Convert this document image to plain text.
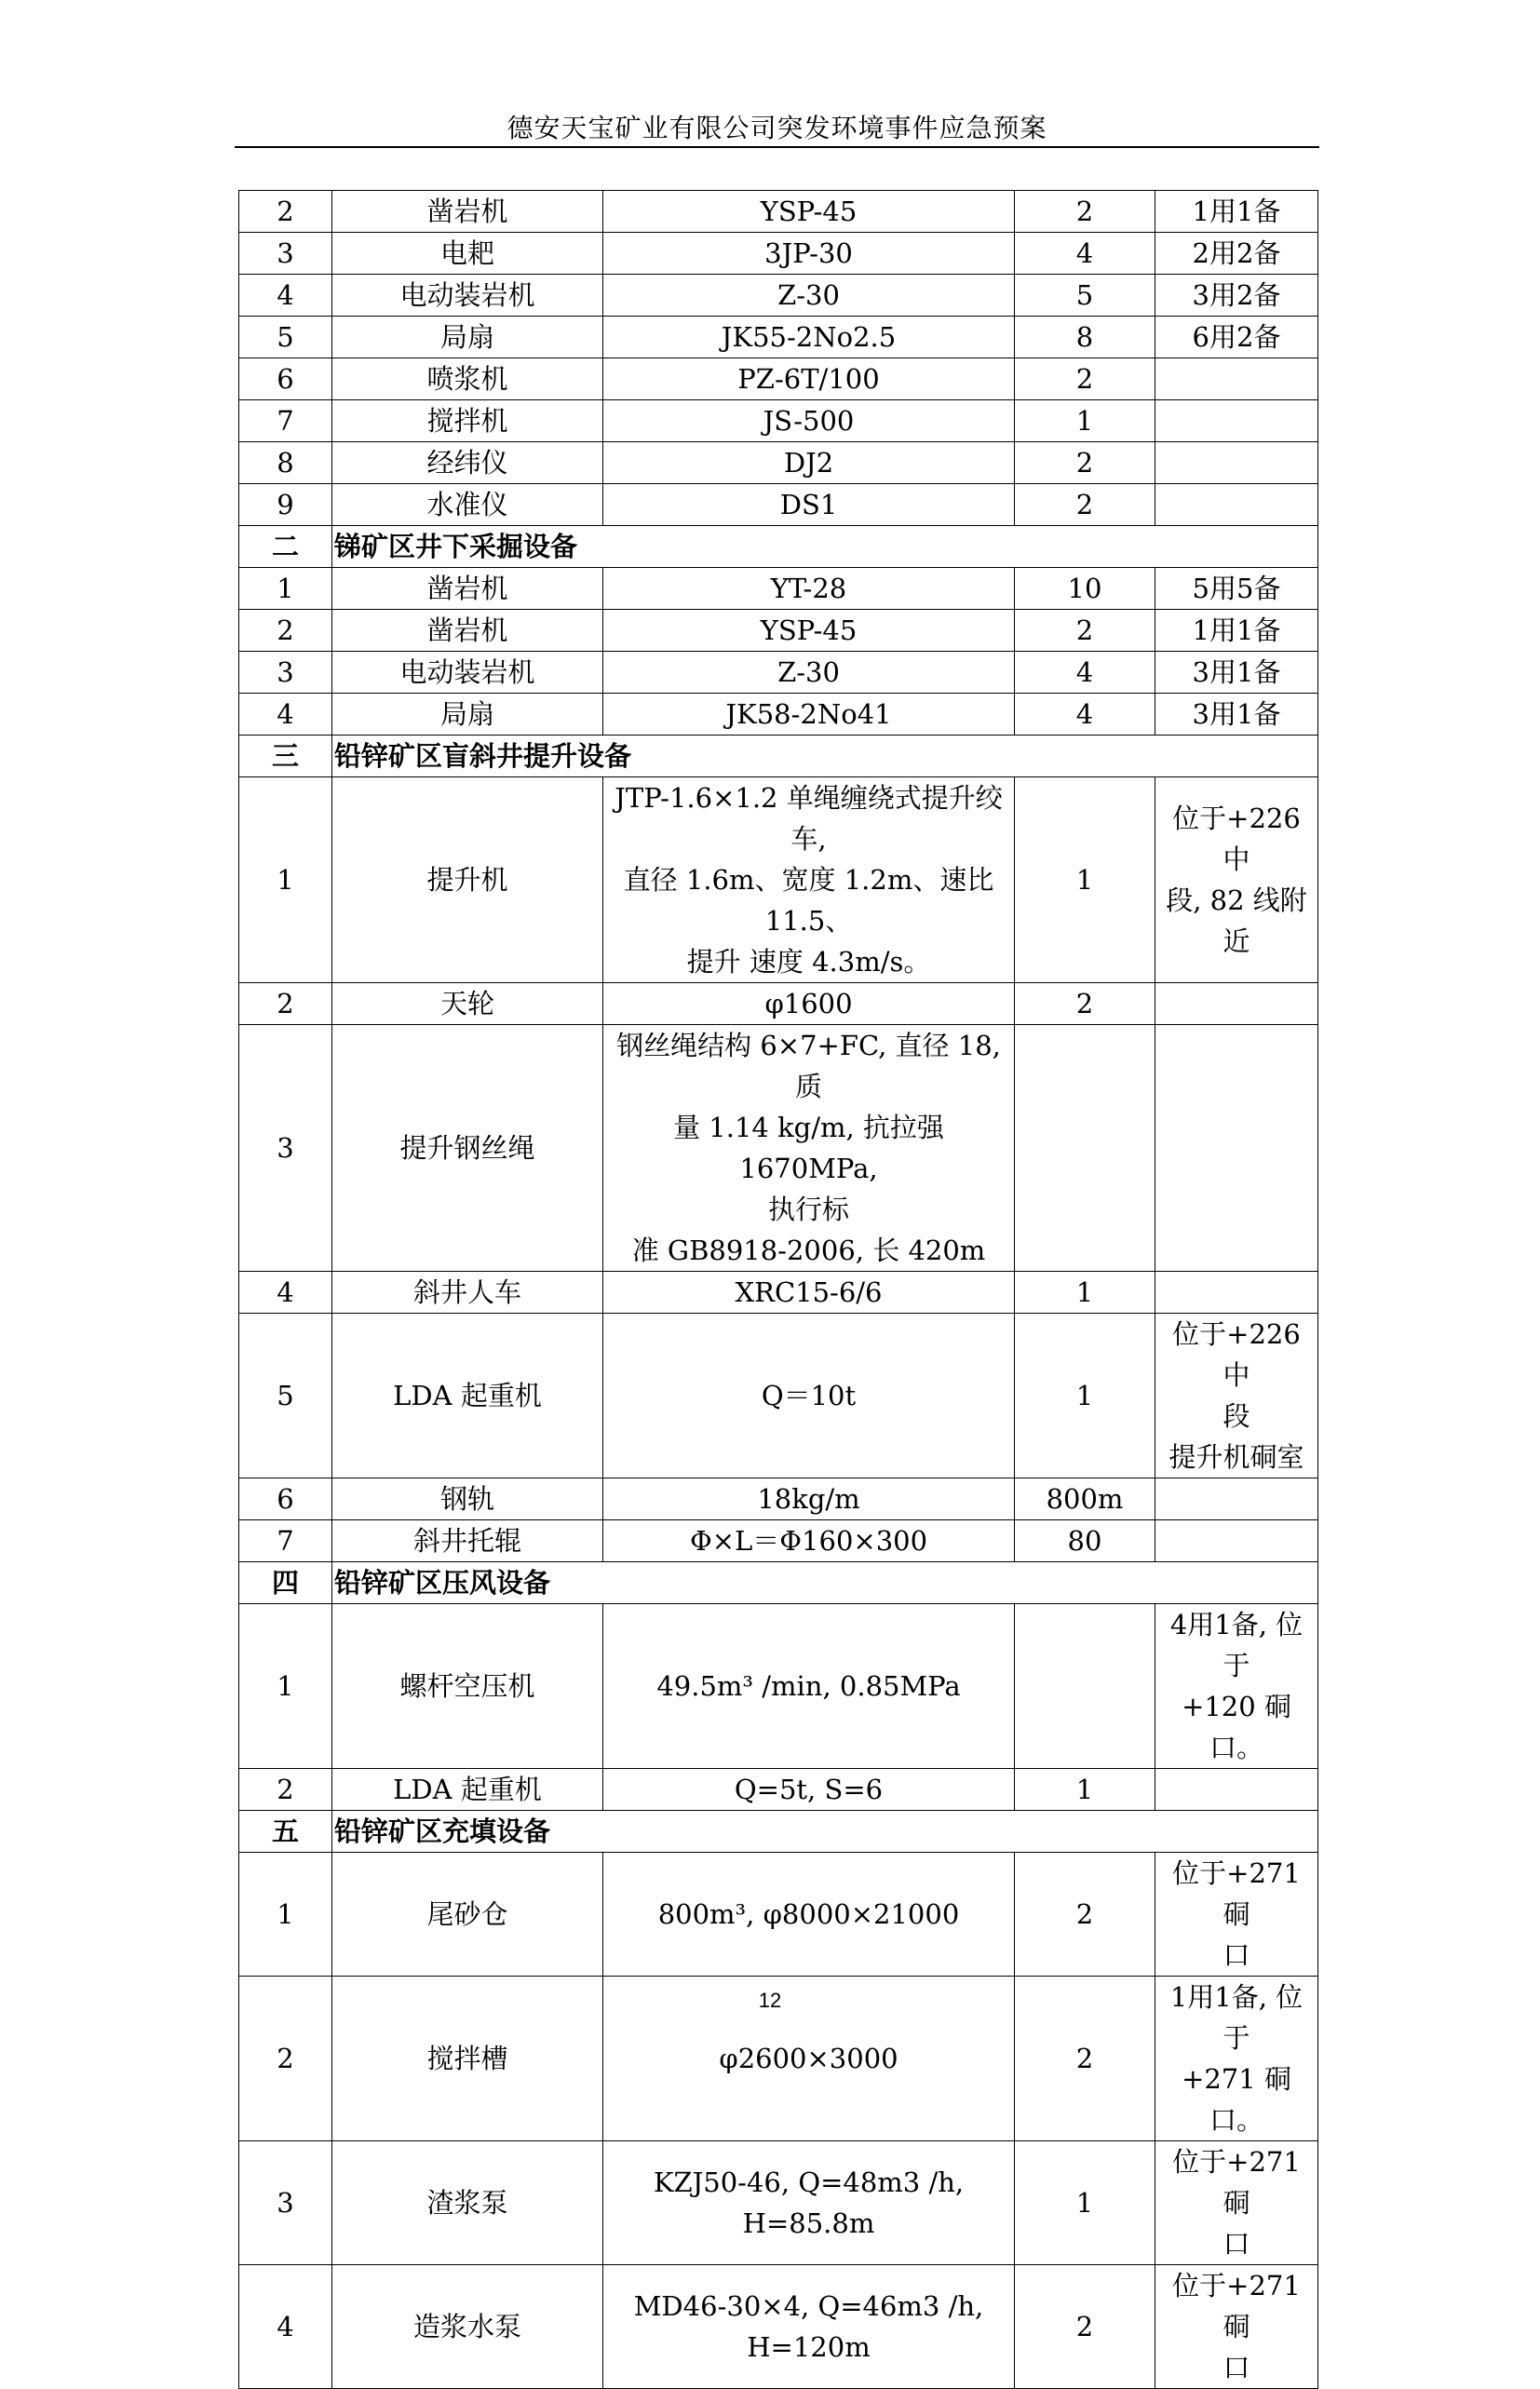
德安天宝矿业有限公司突发环境事件应急预案
2	凿岩机	YSP-45	2	1用1备
3	电耙	3JP-30	4	2用2备
4	电动装岩机	Z-30	5	3用2备
5	局扇	JK55-2No2.5	8	6用2备
6	喷浆机	PZ-6T/100	2	
7	搅拌机	JS-500	1	
8	经纬仪	DJ2	2	
9	水准仪	DS1	2	
二	锑矿区井下采掘设备			
1	凿岩机	YT-28	10	5用5备
2	凿岩机	YSP-45	2	1用1备
3	电动装岩机	Z-30	4	3用1备
4	局扇	JK58-2No41	4	3用1备
三	铅锌矿区盲斜井提升设备			
1	提升机	JTP-1.6×1.2 单绳缠绕式提升绞车,
直径 1.6m、宽度 1.2m、速比 11.5、
提升 速度 4.3m/s。	1	位于+226 中
段, 82 线附
近
2	天轮	φ1600	2	
3	提升钢丝绳	钢丝绳结构 6×7+FC, 直径 18, 质
量 1.14 kg/m, 抗拉强 1670MPa,
执行标
准 GB8918-2006, 长 420m		
4	斜井人车	XRC15-6/6	1	
5	LDA 起重机	Q＝10t	1	位于+226 中
段
提升机硐室
6	钢轨	18kg/m	800m	
7	斜井托辊	Φ×L＝Φ160×300	80	
四	铅锌矿区压风设备			
1	螺杆空压机	49.5m³ /min, 0.85MPa		4用1备, 位
于
+120 硐口。
2	LDA 起重机	Q=5t, S=6	1	
五	铅锌矿区充填设备			
1	尾砂仓	800m³, φ8000×21000	2	位于+271 硐
口
2	搅拌槽	φ2600×3000	2	1用1备, 位
于
+271 硐口。
3	渣浆泵	KZJ50-46, Q=48m3 /h, H=85.8m	1	位于+271 硐
口
4	造浆水泵	MD46-30×4, Q=46m3 /h, H=120m	2	位于+271 硐
口
12
